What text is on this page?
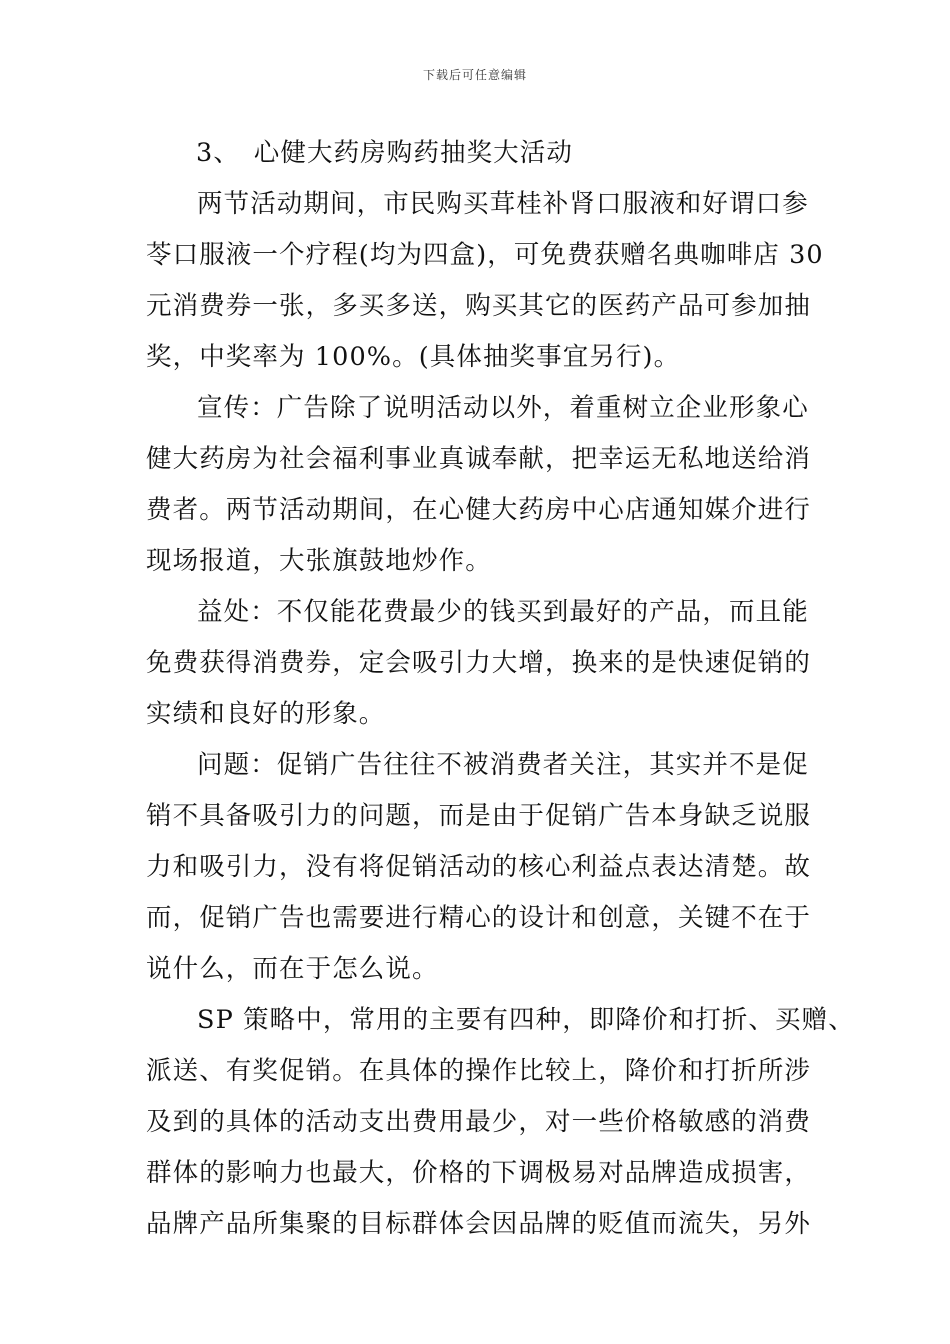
下载后可任意编辑
3、　心健大药房购药抽奖大活动
两节活动期间，市民购买茸桂补肾口服液和好谓口参
苓口服液一个疗程(均为四盒)，可免费获赠名典咖啡店 30
元消费券一张，多买多送，购买其它的医药产品可参加抽
奖，中奖率为 100%。(具体抽奖事宜另行)。
宣传：广告除了说明活动以外，着重树立企业形象心
健大药房为社会福利事业真诚奉献，把幸运无私地送给消
费者。两节活动期间，在心健大药房中心店通知媒介进行
现场报道，大张旗鼓地炒作。
益处：不仅能花费最少的钱买到最好的产品，而且能
免费获得消费券，定会吸引力大增，换来的是快速促销的
实绩和良好的形象。
问题：促销广告往往不被消费者关注，其实并不是促
销不具备吸引力的问题，而是由于促销广告本身缺乏说服
力和吸引力，没有将促销活动的核心利益点表达清楚。故
而，促销广告也需要进行精心的设计和创意，关键不在于
说什么，而在于怎么说。
SP 策略中，常用的主要有四种，即降价和打折、买赠、
派送、有奖促销。在具体的操作比较上，降价和打折所涉
及到的具体的活动支出费用最少，对一些价格敏感的消费
群体的影响力也最大，价格的下调极易对品牌造成损害，
品牌产品所集聚的目标群体会因品牌的贬值而流失，另外
